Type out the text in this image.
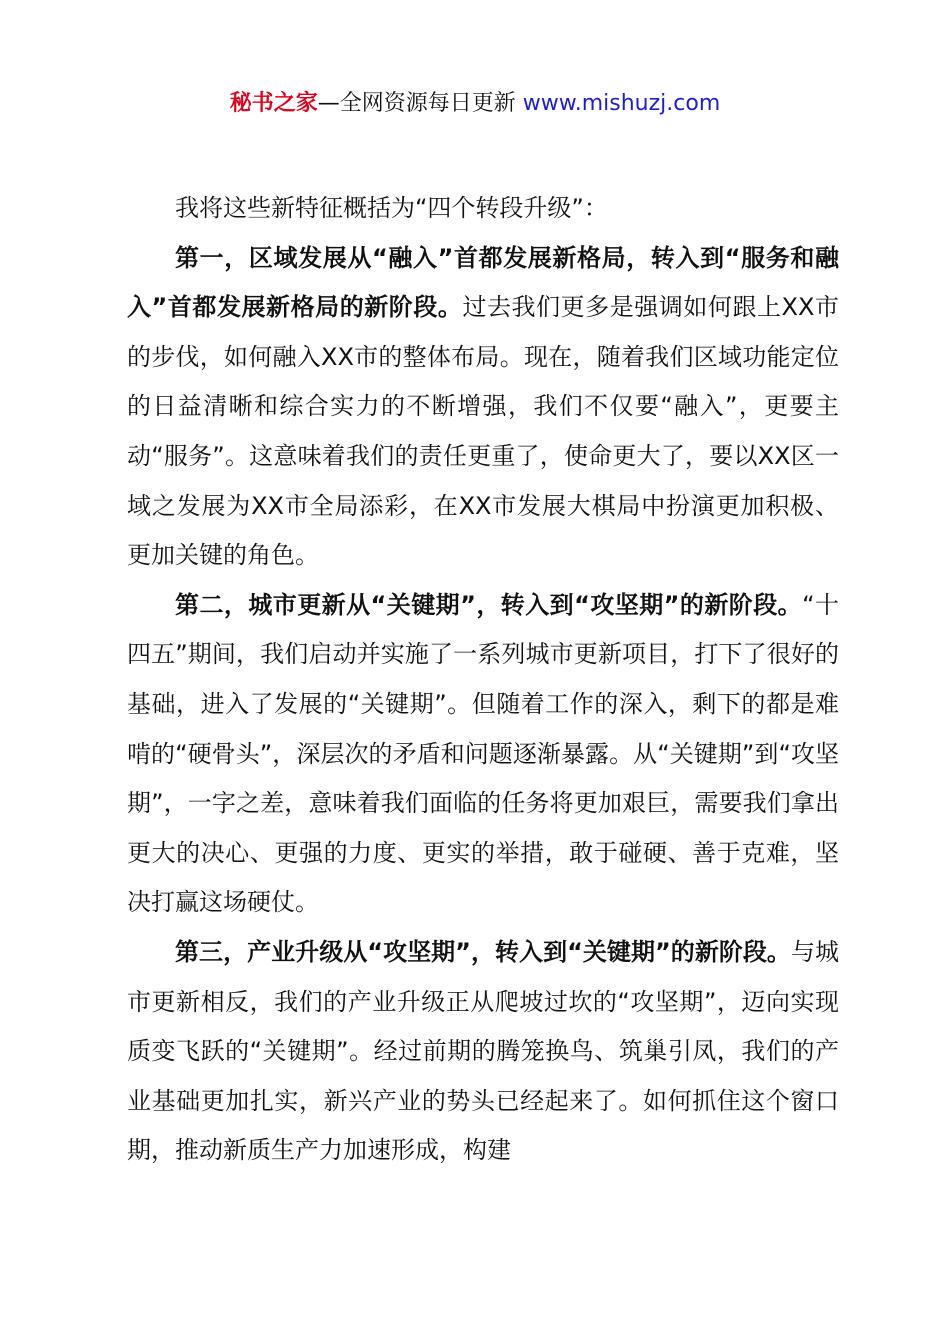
秘书之家—全网资源每日更新 www.mishuzj.com

我将这些新特征概括为“四个转段升级”：

第一，区域发展从“融入”首都发展新格局，转入到“服务和融入”首都发展新格局的新阶段。过去我们更多是强调如何跟上XX市的步伐，如何融入XX市的整体布局。现在，随着我们区域功能定位的日益清晰和综合实力的不断增强，我们不仅要“融入”，更要主动“服务”。这意味着我们的责任更重了，使命更大了，要以XX区一域之发展为XX市全局添彩，在XX市发展大棋局中扮演更加积极、更加关键的角色。

第二，城市更新从“关键期”，转入到“攻坚期”的新阶段。“十四五”期间，我们启动并实施了一系列城市更新项目，打下了很好的基础，进入了发展的“关键期”。但随着工作的深入，剩下的都是难啃的“硬骨头”，深层次的矛盾和问题逐渐暴露。从“关键期”到“攻坚期”，一字之差，意味着我们面临的任务将更加艰巨，需要我们拿出更大的决心、更强的力度、更实的举措，敢于碰硬、善于克难，坚决打赢这场硬仗。

第三，产业升级从“攻坚期”，转入到“关键期”的新阶段。与城市更新相反，我们的产业升级正从爬坡过坎的“攻坚期”，迈向实现质变飞跃的“关键期”。经过前期的腾笼换鸟、筑巢引凤，我们的产业基础更加扎实，新兴产业的势头已经起来了。如何抓住这个窗口期，推动新质生产力加速形成，构建
